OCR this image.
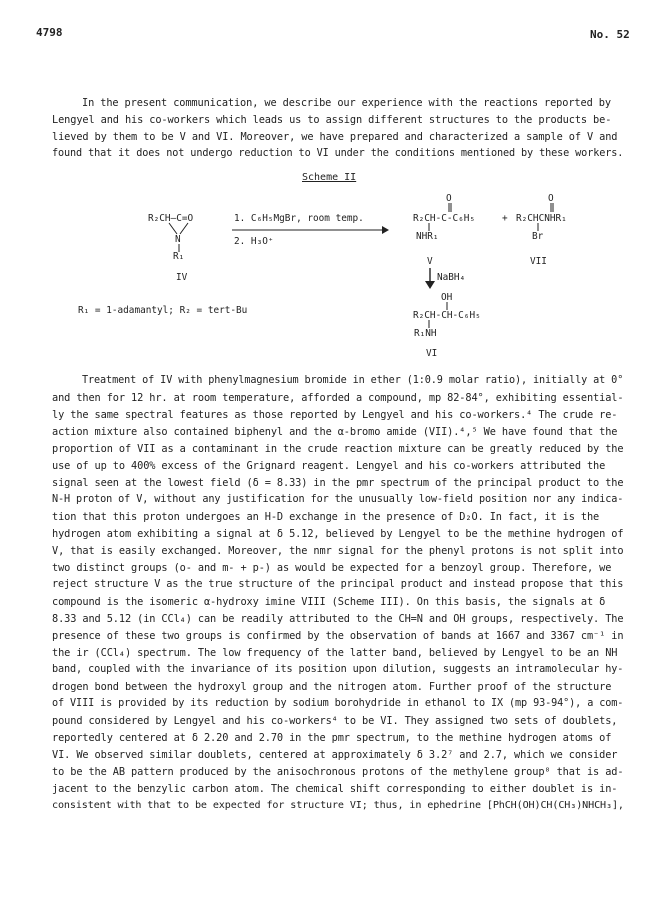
4798	No. 52
In the present communication, we describe our experience with the reactions reported by
Lengyel and his co-workers which leads us to assign different structures to the products be-
lieved by them to be V and VI. Moreover, we have prepared and characterized a sample of V and
found that it does not undergo reduction to VI under the conditions mentioned by these workers.
Scheme II
R₂CH—C=O
N
R₁
IV
1. C₆H₅MgBr, room temp.
2. H₃O⁺
O
R₂CH-C-C₆H₅	+
NHR₁
V
O
R₂CHCNHR₁
Br
VII
NaBH₄
OH
R₂CH-CH-C₆H₅
R₁NH
VI
R₁ = 1-adamantyl; R₂ = tert-Bu
Treatment of IV with phenylmagnesium bromide in ether (1:0.9 molar ratio), initially at 0°
and then for 12 hr. at room temperature, afforded a compound, mp 82-84°, exhibiting essential-
ly the same spectral features as those reported by Lengyel and his co-workers.⁴ The crude re-
action mixture also contained biphenyl and the α-bromo amide (VII).⁴,⁵ We have found that the
proportion of VII as a contaminant in the crude reaction mixture can be greatly reduced by the
use of up to 400% excess of the Grignard reagent. Lengyel and his co-workers attributed the
signal seen at the lowest field (δ = 8.33) in the pmr spectrum of the principal product to the
N-H proton of V, without any justification for the unusually low-field position nor any indica-
tion that this proton undergoes an H-D exchange in the presence of D₂O. In fact, it is the
hydrogen atom exhibiting a signal at δ 5.12, believed by Lengyel to be the methine hydrogen of
V, that is easily exchanged. Moreover, the nmr signal for the phenyl protons is not split into
two distinct groups (o- and m- + p-) as would be expected for a benzoyl group. Therefore, we
reject structure V as the true structure of the principal product and instead propose that this
compound is the isomeric α-hydroxy imine VIII (Scheme III). On this basis, the signals at δ
8.33 and 5.12 (in CCl₄) can be readily attributed to the CH=N and OH groups, respectively. The
presence of these two groups is confirmed by the observation of bands at 1667 and 3367 cm⁻¹ in
the ir (CCl₄) spectrum. The low frequency of the latter band, believed by Lengyel to be an NH
band, coupled with the invariance of its position upon dilution, suggests an intramolecular hy-
drogen bond between the hydroxyl group and the nitrogen atom. Further proof of the structure
of VIII is provided by its reduction by sodium borohydride in ethanol to IX (mp 93-94°), a com-
pound considered by Lengyel and his co-workers⁴ to be VI. They assigned two sets of doublets,
reportedly centered at δ 2.20 and 2.70 in the pmr spectrum, to the methine hydrogen atoms of
VI. We observed similar doublets, centered at approximately δ 3.2⁷ and 2.7, which we consider
to be the AB pattern produced by the anisochronous protons of the methylene group⁸ that is ad-
jacent to the benzylic carbon atom. The chemical shift corresponding to either doublet is in-
consistent with that to be expected for structure VI; thus, in ephedrine [PhCH(OH)CH(CH₃)NHCH₃],
